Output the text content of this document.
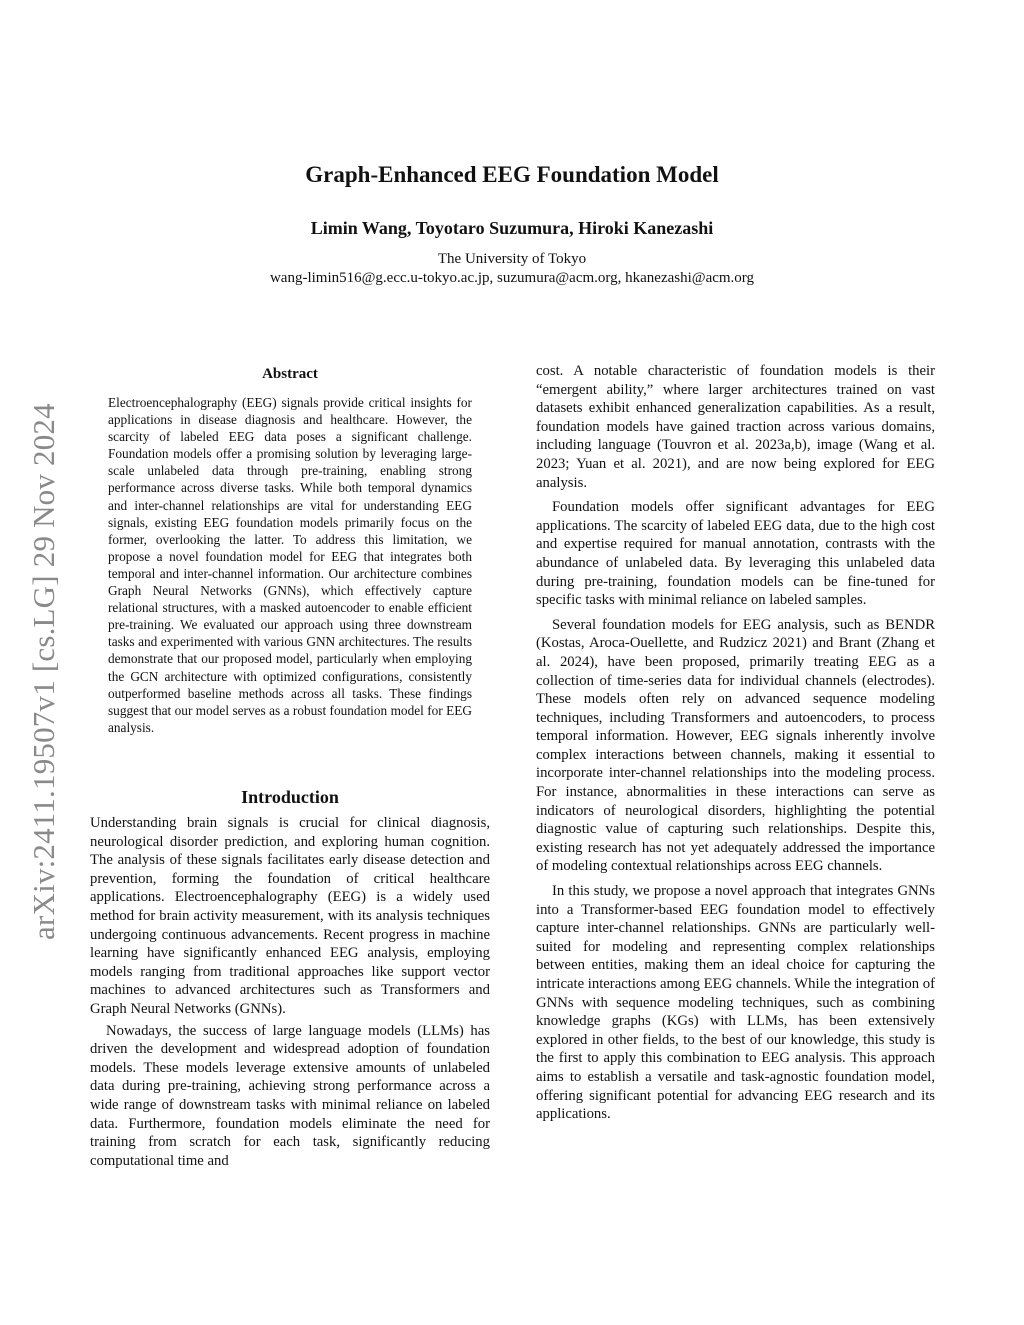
Graph-Enhanced EEG Foundation Model
Limin Wang, Toyotaro Suzumura, Hiroki Kanezashi
The University of Tokyo
wang-limin516@g.ecc.u-tokyo.ac.jp, suzumura@acm.org, hkanezashi@acm.org
arXiv:2411.19507v1 [cs.LG] 29 Nov 2024
Abstract

Electroencephalography (EEG) signals provide critical insights for applications in disease diagnosis and healthcare. However, the scarcity of labeled EEG data poses a significant challenge. Foundation models offer a promising solution by leveraging large-scale unlabeled data through pre-training, enabling strong performance across diverse tasks. While both temporal dynamics and inter-channel relationships are vital for understanding EEG signals, existing EEG foundation models primarily focus on the former, overlooking the latter. To address this limitation, we propose a novel foundation model for EEG that integrates both temporal and inter-channel information. Our architecture combines Graph Neural Networks (GNNs), which effectively capture relational structures, with a masked autoencoder to enable efficient pre-training. We evaluated our approach using three downstream tasks and experimented with various GNN architectures. The results demonstrate that our proposed model, particularly when employing the GCN architecture with optimized configurations, consistently outperformed baseline methods across all tasks. These findings suggest that our model serves as a robust foundation model for EEG analysis.

Introduction

Understanding brain signals is crucial for clinical diagnosis, neurological disorder prediction, and exploring human cognition. The analysis of these signals facilitates early disease detection and prevention, forming the foundation of critical healthcare applications. Electroencephalography (EEG) is a widely used method for brain activity measurement, with its analysis techniques undergoing continuous advancements. Recent progress in machine learning have significantly enhanced EEG analysis, employing models ranging from traditional approaches like support vector machines to advanced architectures such as Transformers and Graph Neural Networks (GNNs).

Nowadays, the success of large language models (LLMs) has driven the development and widespread adoption of foundation models. These models leverage extensive amounts of unlabeled data during pre-training, achieving strong performance across a wide range of downstream tasks with minimal reliance on labeled data. Furthermore, foundation models eliminate the need for training from scratch for each task, significantly reducing computational time and

cost. A notable characteristic of foundation models is their “emergent ability,” where larger architectures trained on vast datasets exhibit enhanced generalization capabilities. As a result, foundation models have gained traction across various domains, including language (Touvron et al. 2023a,b), image (Wang et al. 2023; Yuan et al. 2021), and are now being explored for EEG analysis.

Foundation models offer significant advantages for EEG applications. The scarcity of labeled EEG data, due to the high cost and expertise required for manual annotation, contrasts with the abundance of unlabeled data. By leveraging this unlabeled data during pre-training, foundation models can be fine-tuned for specific tasks with minimal reliance on labeled samples.

Several foundation models for EEG analysis, such as BENDR (Kostas, Aroca-Ouellette, and Rudzicz 2021) and Brant (Zhang et al. 2024), have been proposed, primarily treating EEG as a collection of time-series data for individual channels (electrodes). These models often rely on advanced sequence modeling techniques, including Transformers and autoencoders, to process temporal information. However, EEG signals inherently involve complex interactions between channels, making it essential to incorporate inter-channel relationships into the modeling process. For instance, abnormalities in these interactions can serve as indicators of neurological disorders, highlighting the potential diagnostic value of capturing such relationships. Despite this, existing research has not yet adequately addressed the importance of modeling contextual relationships across EEG channels.

In this study, we propose a novel approach that integrates GNNs into a Transformer-based EEG foundation model to effectively capture inter-channel relationships. GNNs are particularly well-suited for modeling and representing complex relationships between entities, making them an ideal choice for capturing the intricate interactions among EEG channels. While the integration of GNNs with sequence modeling techniques, such as combining knowledge graphs (KGs) with LLMs, has been extensively explored in other fields, to the best of our knowledge, this study is the first to apply this combination to EEG analysis. This approach aims to establish a versatile and task-agnostic foundation model, offering significant potential for advancing EEG research and its applications.
